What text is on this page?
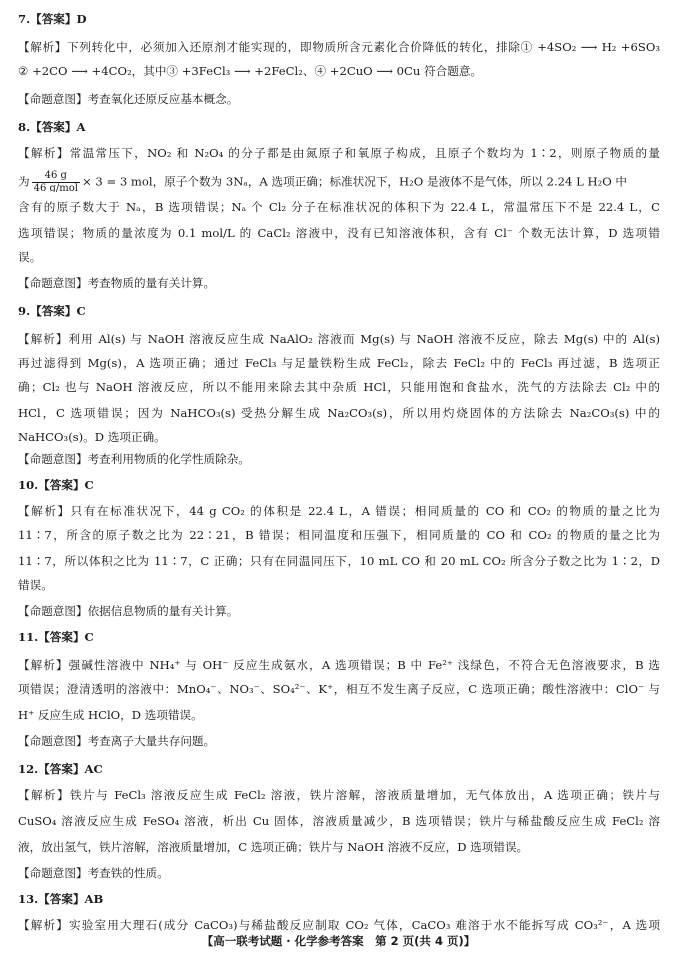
7.【答案】D
【解析】下列转化中，必须加入还原剂才能实现的，即物质所含元素化合价降低的转化，排除① +4SO₂ ⟶ H₂ +6SO₃
② +2CO ⟶ +4CO₂，其中③ +3FeCl₃ ⟶ +2FeCl₂、④ +2CuO ⟶ 0Cu 符合题意。
【命题意图】考查氧化还原反应基本概念。
8.【答案】A
【解析】常温常压下，NO₂ 和 N₂O₄ 的分子都是由氮原子和氧原子构成，且原子个数均为 1∶2，则原子物质的量
为 $\frac{46 g}{\text{46 g/mol}} \times 3 = 3$ mol，原子个数为 3Nₐ，A 选项正确；标准状况下，H₂O 是液体不是气体，所以 2.24 L H₂O 中
含有的原子数大于 Nₐ，B 选项错误；Nₐ 个 Cl₂ 分子在标准状况的体积下为 22.4 L，常温常压下不是 22.4 L，C
选项错误；物质的量浓度为 0.1 mol/L 的 CaCl₂ 溶液中，没有已知溶液体积，含有 Cl⁻ 个数无法计算，D 选项错
误。
【命题意图】考查物质的量有关计算。
9.【答案】C
【解析】利用 Al(s) 与 NaOH 溶液反应生成 NaAlO₂ 溶液而 Mg(s) 与 NaOH 溶液不反应，除去 Mg(s) 中的 Al(s)
再过滤得到 Mg(s)，A 选项正确；通过 FeCl₃ 与足量铁粉生成 FeCl₂，除去 FeCl₂ 中的 FeCl₃ 再过滤，B 选项正
确；Cl₂ 也与 NaOH 溶液反应，所以不能用来除去其中杂质 HCl，只能用饱和食盐水，洗气的方法除去 Cl₂ 中的
HCl，C 选项错误；因为 NaHCO₃(s) 受热分解生成 Na₂CO₃(s)，所以用灼烧固体的方法除去 Na₂CO₃(s) 中的
NaHCO₃(s)。D 选项正确。
【命题意图】考查利用物质的化学性质除杂。
10.【答案】C
【解析】只有在标准状况下，44 g CO₂ 的体积是 22.4 L，A 错误；相同质量的 CO 和 CO₂ 的物质的量之比为
11∶7，所含的原子数之比为 22∶21，B 错误；相同温度和压强下，相同质量的 CO 和 CO₂ 的物质的量之比为
11∶7，所以体积之比为 11∶7，C 正确；只有在同温同压下，10 mL CO 和 20 mL CO₂ 所含分子数之比为 1∶2，D
错误。
【命题意图】依据信息物质的量有关计算。
11.【答案】C
【解析】强碱性溶液中 NH₄⁺ 与 OH⁻ 反应生成氨水，A 选项错误；B 中 Fe²⁺ 浅绿色，不符合无色溶液要求，B 选
项错误；澄清透明的溶液中：MnO₄⁻、NO₃⁻、SO₄²⁻、K⁺，相互不发生离子反应，C 选项正确；酸性溶液中：ClO⁻ 与
H⁺ 反应生成 HClO，D 选项错误。
【命题意图】考查离子大量共存问题。
12.【答案】AC
【解析】铁片与 FeCl₃ 溶液反应生成 FeCl₂ 溶液，铁片溶解，溶液质量增加，无气体放出，A 选项正确；铁片与
CuSO₄ 溶液反应生成 FeSO₄ 溶液，析出 Cu 固体，溶液质量减少，B 选项错误；铁片与稀盐酸反应生成 FeCl₂ 溶
液，放出氢气，铁片溶解，溶液质量增加，C 选项正确；铁片与 NaOH 溶液不反应，D 选项错误。
【命题意图】考查铁的性质。
13.【答案】AB
【解析】实验室用大理石(成分 CaCO₃)与稀盐酸反应制取 CO₂ 气体，CaCO₃ 难溶于水不能拆写成 CO₃²⁻，A 选项
【高一联考试题 · 化学参考答案　第 2 页(共 4 页)】
